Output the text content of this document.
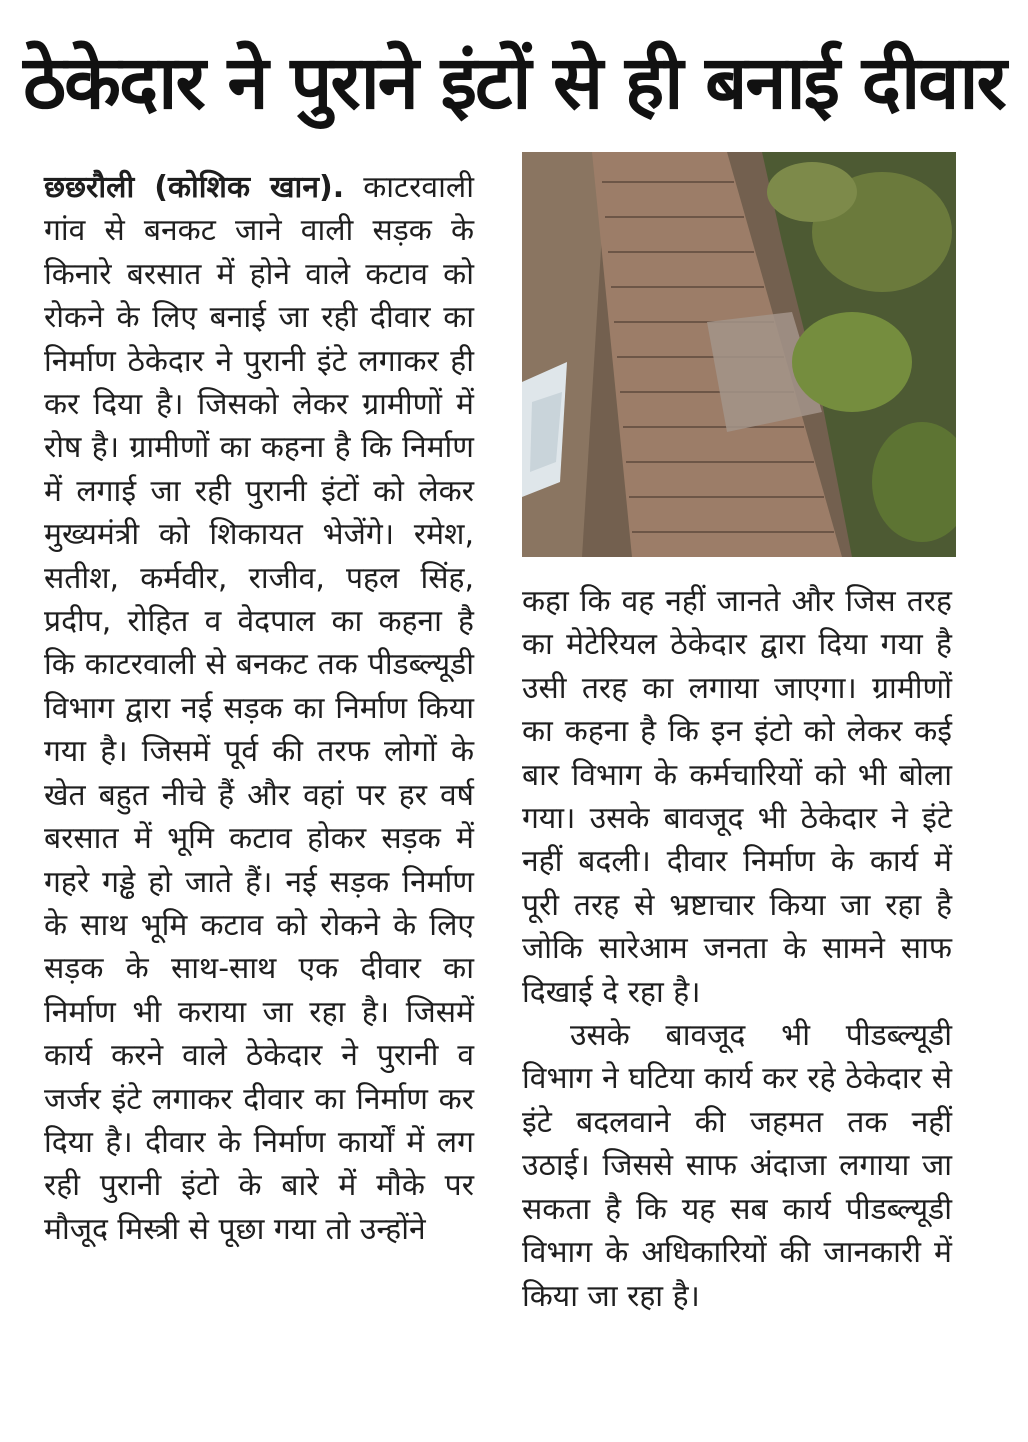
ठेकेदार ने पुराने इंटों से ही बनाई दीवार

छछरौली (कोशिक खान). काटरवाली गांव से बनकट जाने वाली सड़क के किनारे बरसात में होने वाले कटाव को रोकने के लिए बनाई जा रही दीवार का निर्माण ठेकेदार ने पुरानी इंटे लगाकर ही कर दिया है। जिसको लेकर ग्रामीणों में रोष है। ग्रामीणों का कहना है कि निर्माण में लगाई जा रही पुरानी इंटों को लेकर मुख्यमंत्री को शिकायत भेजेंगे। रमेश, सतीश, कर्मवीर, राजीव, पहल सिंह, प्रदीप, रोहित व वेदपाल का कहना है कि काटरवाली से बनकट तक पीडब्ल्यूडी विभाग द्वारा नई सड़क का निर्माण किया गया है। जिसमें पूर्व की तरफ लोगों के खेत बहुत नीचे हैं और वहां पर हर वर्ष बरसात में भूमि कटाव होकर सड़क में गहरे गड्ढे हो जाते हैं। नई सड़क निर्माण के साथ भूमि कटाव को रोकने के लिए सड़क के साथ-साथ एक दीवार का निर्माण भी कराया जा रहा है। जिसमें कार्य करने वाले ठेकेदार ने पुरानी व जर्जर इंटे लगाकर दीवार का निर्माण कर दिया है। दीवार के निर्माण कार्यों में लग रही पुरानी इंटो के बारे में मौके पर मौजूद मिस्त्री से पूछा गया तो उन्होंने

कहा कि वह नहीं जानते और जिस तरह का मेटेरियल ठेकेदार द्वारा दिया गया है उसी तरह का लगाया जाएगा। ग्रामीणों का कहना है कि इन इंटो को लेकर कई बार विभाग के कर्मचारियों को भी बोला गया। उसके बावजूद भी ठेकेदार ने इंटे नहीं बदली। दीवार निर्माण के कार्य में पूरी तरह से भ्रष्टाचार किया जा रहा है जोकि सारेआम जनता के सामने साफ दिखाई दे रहा है।

उसके बावजूद भी पीडब्ल्यूडी विभाग ने घटिया कार्य कर रहे ठेकेदार से इंटे बदलवाने की जहमत तक नहीं उठाई। जिससे साफ अंदाजा लगाया जा सकता है कि यह सब कार्य पीडब्ल्यूडी विभाग के अधिकारियों की जानकारी में किया जा रहा है।
